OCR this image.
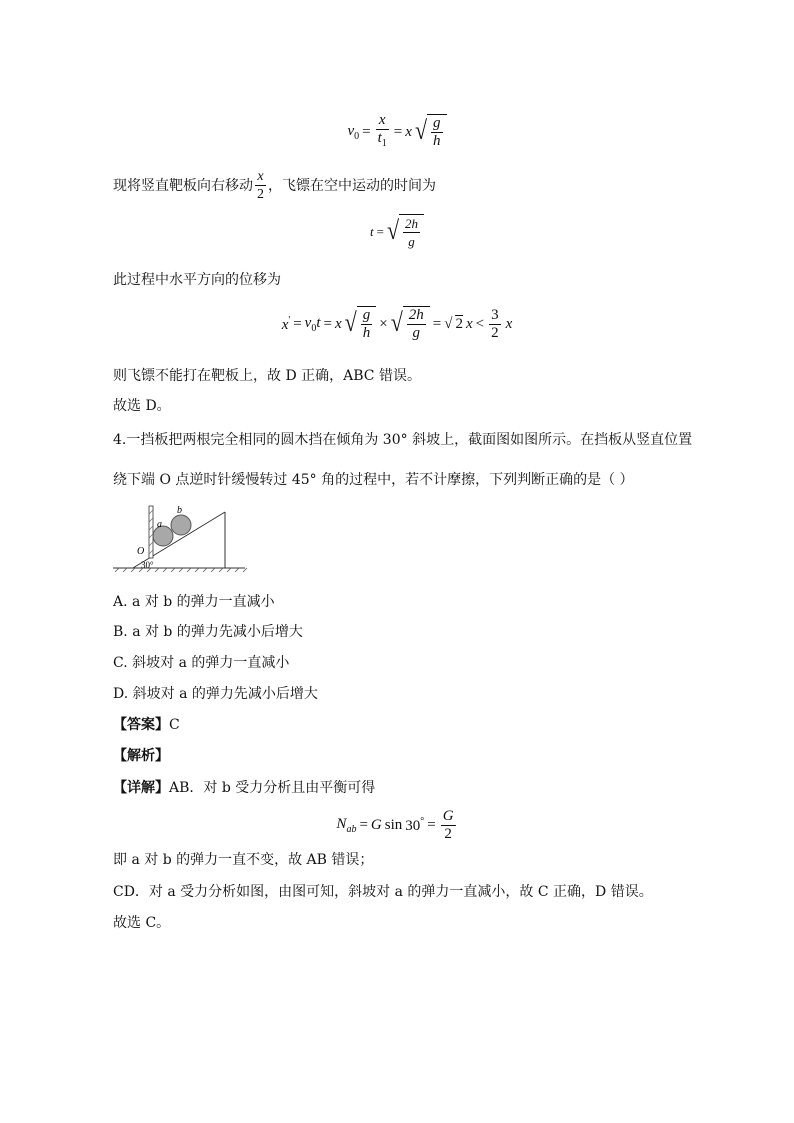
$v_0 = \frac{x}{t_1} = x$ √ $\frac{g}{h}$
现将竖直靶板向右移动 $\frac{x}{2}$ ，飞镖在空中运动的时间为
t = √ $\frac{2h}{g}$
此过程中水平方向的位移为
$x' = v_0t = x$ √ $\frac{g}{h}$ × √ $\frac{2h}{g}$ = √ 2 $x < \frac{3}{2}$ x
则飞镖不能打在靶板上，故 D 正确，ABC 错误。
故选 D。
4.一挡板把两根完全相同的圆木挡在倾角为 30° 斜坡上，截面图如图所示。在挡板从竖直位置
绕下端 O 点逆时针缓慢转过 45° 角的过程中，若不计摩擦，下列判断正确的是（ ）
a
b
O
30°
A. a 对 b 的弹力一直减小
B. a 对 b 的弹力先减小后增大
C. 斜坡对 a 的弹力一直减小
D. 斜坡对 a 的弹力先减小后增大
【答案】C
【解析】
【详解】AB．对 b 受力分析且由平衡可得
$N_{ab} = G$ $\sin 30^\circ = \frac{G}{2}$
即 a 对 b 的弹力一直不变，故 AB 错误；
CD．对 a 受力分析如图，由图可知，斜坡对 a 的弹力一直减小，故 C 正确，D 错误。
故选 C。
